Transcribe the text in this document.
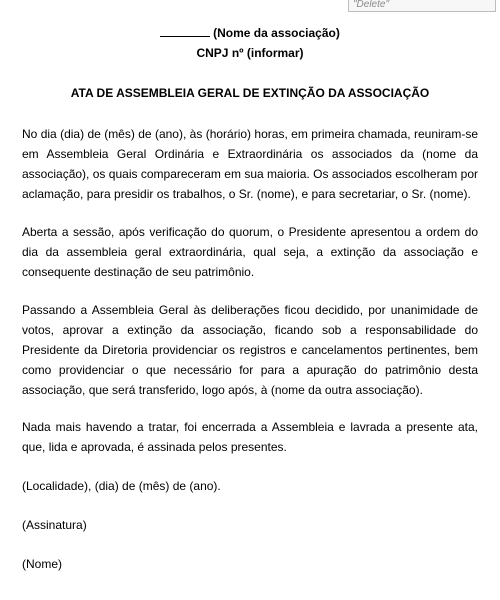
"Delete"
(Nome da associação)
CNPJ nº (informar)
ATA DE ASSEMBLEIA GERAL DE EXTINÇÃO DA ASSOCIAÇÃO
No dia (dia) de (mês) de (ano), às (horário) horas, em primeira chamada, reuniram-se em Assembleia Geral Ordinária e Extraordinária os associados da (nome da associação), os quais compareceram em sua maioria. Os associados escolheram por aclamação, para presidir os trabalhos, o Sr. (nome), e para secretariar, o Sr. (nome).
Aberta a sessão, após verificação do quorum, o Presidente apresentou a ordem do dia da assembleia geral extraordinária, qual seja, a extinção da associação e consequente destinação de seu patrimônio.
Passando a Assembleia Geral às deliberações ficou decidido, por unanimidade de votos, aprovar a extinção da associação, ficando sob a responsabilidade do Presidente da Diretoria providenciar os registros e cancelamentos pertinentes, bem como providenciar o que necessário for para a apuração do patrimônio desta associação, que será transferido, logo após, à (nome da outra associação).
Nada mais havendo a tratar, foi encerrada a Assembleia e lavrada a presente ata, que, lida e aprovada, é assinada pelos presentes.
(Localidade), (dia) de (mês) de (ano).
(Assinatura)
(Nome)
